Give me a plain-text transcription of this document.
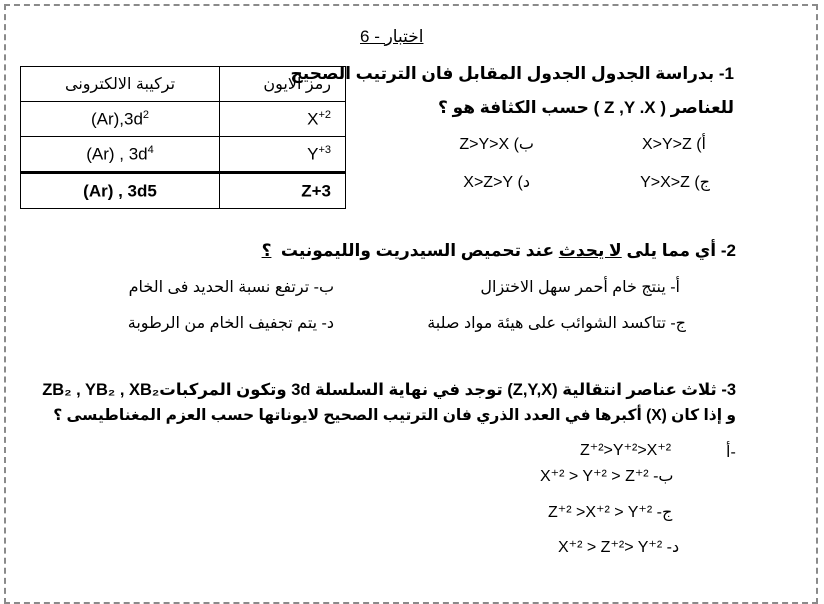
اختبار - 6
تركيبة الالكترونى	رمز الايون
$(Ar),3d^2$	$X^{+2}$
(Ar) , $3d^4$	$Y^{+3}$
(Ar) , 3d5	Z+3
1- بدراسة الجدول الجدول المقابل فان الترتيب الصحيح
للعناصر ( Z ,Y .X ) حسب الكثافة هو ؟
أ) X>Y>Z
ب) Z>Y>X
ج) Y>X>Z
د) X>Z>Y
2- أي مما يلى لا يحدث عند تحميص السيدريت والليمونيت  ؟
أ- ينتج خام أحمر سهل الاختزال
ب- ترتفع نسبة الحديد فى الخام
ج- تتاكسد الشوائب على هيئة مواد صلبة
د- يتم تجفيف الخام من الرطوبة
3- ثلاث عناصر انتقالية (Z,Y,X) توجد في نهاية السلسلة 3d وتكون المركباتZB₂ , YB₂ , XB₂
و إذا كان (X) أكبرها في العدد الذري فان الترتيب الصحيح لايوناتها حسب العزم المغناطيسى ؟
أ-
Z⁺²>Y⁺²>X⁺²
X⁺² > Y⁺² > Z⁺² -ب
Z⁺² >X⁺² > Y⁺² -ج
X⁺² > Z⁺²> Y⁺² -د
